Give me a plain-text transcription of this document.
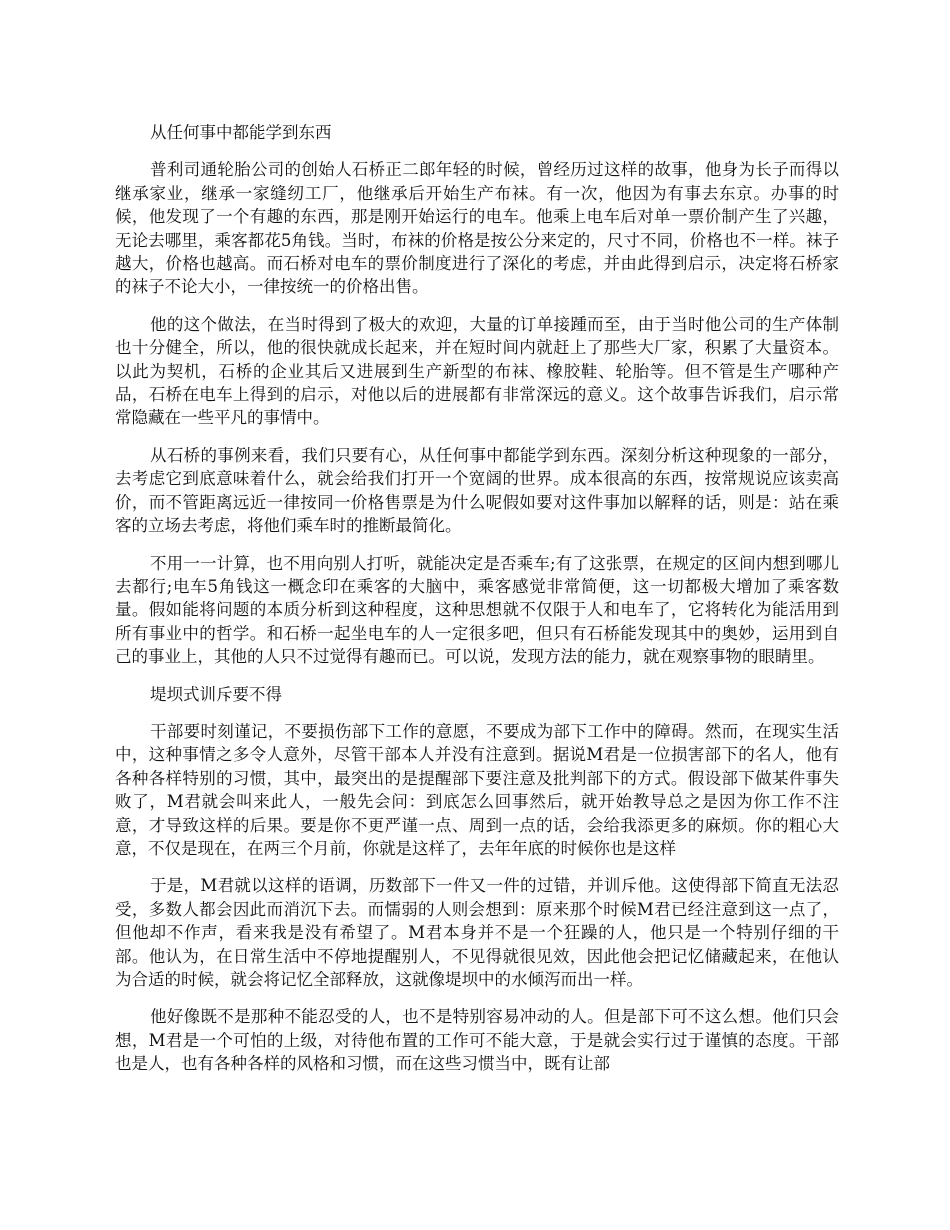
从任何事中都能学到东西

普利司通轮胎公司的创始人石桥正二郎年轻的时候，曾经历过这样的故事，他身为长子而得以继承家业，继承一家缝纫工厂，他继承后开始生产布袜。有一次，他因为有事去东京。办事的时候，他发现了一个有趣的东西，那是刚开始运行的电车。他乘上电车后对单一票价制产生了兴趣，无论去哪里，乘客都花5角钱。当时，布袜的价格是按公分来定的，尺寸不同，价格也不一样。袜子越大，价格也越高。而石桥对电车的票价制度进行了深化的考虑，并由此得到启示，决定将石桥家的袜子不论大小，一律按统一的价格出售。

他的这个做法，在当时得到了极大的欢迎，大量的订单接踵而至，由于当时他公司的生产体制也十分健全，所以，他的很快就成长起来，并在短时间内就赶上了那些大厂家，积累了大量资本。以此为契机，石桥的企业其后又进展到生产新型的布袜、橡胶鞋、轮胎等。但不管是生产哪种产品，石桥在电车上得到的启示，对他以后的进展都有非常深远的意义。这个故事告诉我们，启示常常隐藏在一些平凡的事情中。

从石桥的事例来看，我们只要有心，从任何事中都能学到东西。深刻分析这种现象的一部分，去考虑它到底意味着什么，就会给我们打开一个宽阔的世界。成本很高的东西，按常规说应该卖高价，而不管距离远近一律按同一价格售票是为什么呢假如要对这件事加以解释的话，则是：站在乘客的立场去考虑，将他们乘车时的推断最简化。

不用一一计算，也不用向别人打听，就能决定是否乘车;有了这张票，在规定的区间内想到哪儿去都行;电车5角钱这一概念印在乘客的大脑中，乘客感觉非常简便，这一切都极大增加了乘客数量。假如能将问题的本质分析到这种程度，这种思想就不仅限于人和电车了，它将转化为能活用到所有事业中的哲学。和石桥一起坐电车的人一定很多吧，但只有石桥能发现其中的奥妙，运用到自己的事业上，其他的人只不过觉得有趣而已。可以说，发现方法的能力，就在观察事物的眼睛里。

堤坝式训斥要不得

干部要时刻谨记，不要损伤部下工作的意愿，不要成为部下工作中的障碍。然而，在现实生活中，这种事情之多令人意外，尽管干部本人并没有注意到。据说M君是一位损害部下的名人，他有各种各样特别的习惯，其中，最突出的是提醒部下要注意及批判部下的方式。假设部下做某件事失败了，M君就会叫来此人，一般先会问：到底怎么回事然后，就开始教导总之是因为你工作不注意，才导致这样的后果。要是你不更严谨一点、周到一点的话，会给我添更多的麻烦。你的粗心大意，不仅是现在，在两三个月前，你就是这样了，去年年底的时候你也是这样

于是，M君就以这样的语调，历数部下一件又一件的过错，并训斥他。这使得部下简直无法忍受，多数人都会因此而消沉下去。而懦弱的人则会想到：原来那个时候M君已经注意到这一点了，但他却不作声，看来我是没有希望了。M君本身并不是一个狂躁的人，他只是一个特别仔细的干部。他认为，在日常生活中不停地提醒别人，不见得就很见效，因此他会把记忆储藏起来，在他认为合适的时候，就会将记忆全部释放，这就像堤坝中的水倾泻而出一样。

他好像既不是那种不能忍受的人，也不是特别容易冲动的人。但是部下可不这么想。他们只会想，M君是一个可怕的上级，对待他布置的工作可不能大意，于是就会实行过于谨慎的态度。干部也是人，也有各种各样的风格和习惯，而在这些习惯当中，既有让部
